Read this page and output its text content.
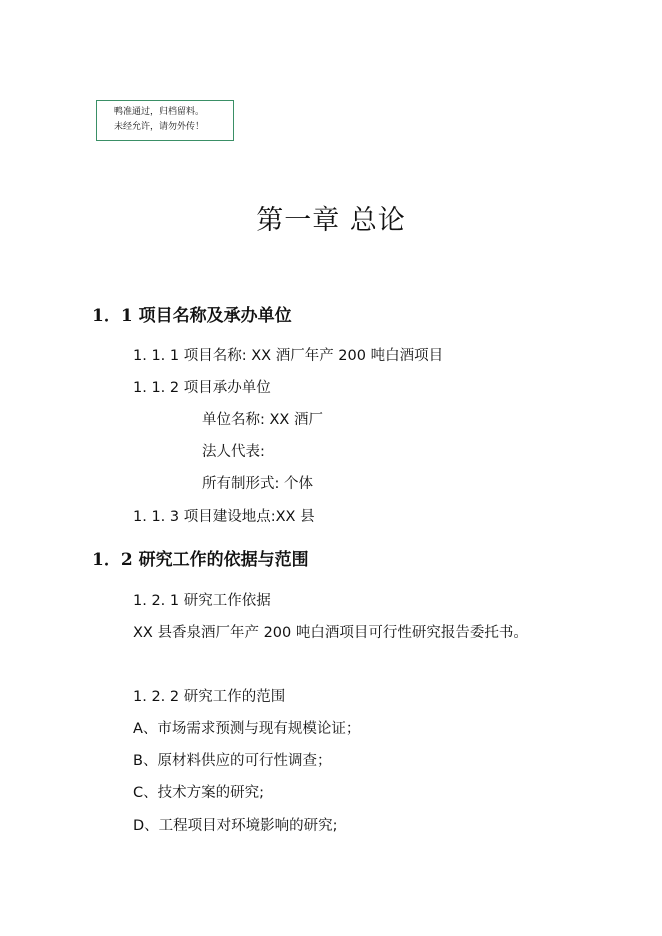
鸭准通过，归档留料。
未经允许，请勿外传！
第一章 总论
1．1 项目名称及承办单位
1. 1. 1 项目名称: XX 酒厂年产 200 吨白酒项目
1. 1. 2 项目承办单位
单位名称: XX 酒厂
法人代表:
所有制形式: 个体
1. 1. 3 项目建设地点:XX 县
1．2 研究工作的依据与范围
1. 2. 1 研究工作依据
XX 县香泉酒厂年产 200 吨白酒项目可行性研究报告委托书。
1. 2. 2 研究工作的范围
A、市场需求预测与现有规模论证；
B、原材料供应的可行性调查；
C、技术方案的研究;
D、工程项目对环境影响的研究;
